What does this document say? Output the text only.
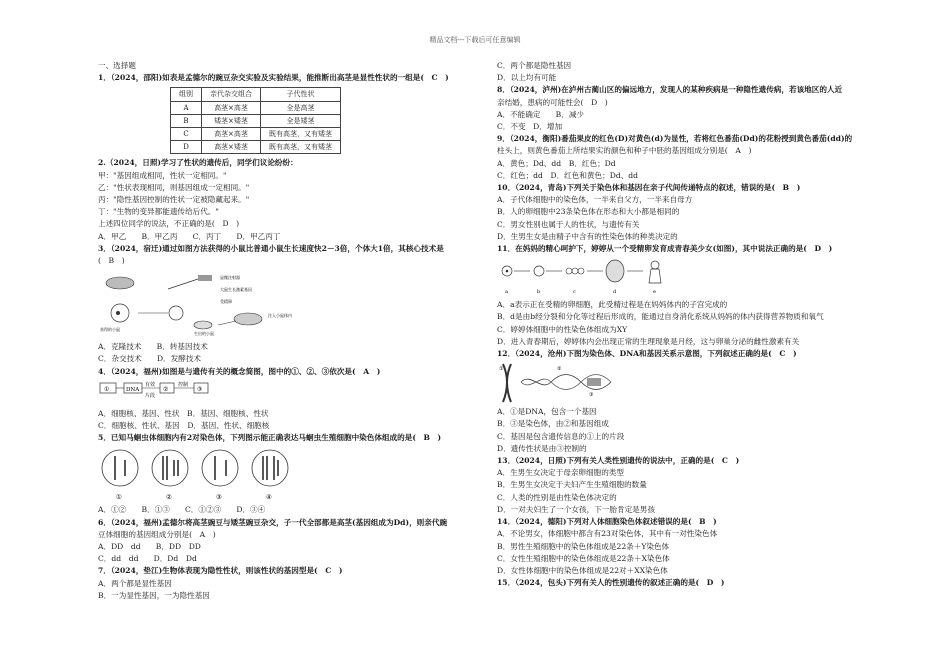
精品文档---下载后可任意编辑
一、选择题
1．（2024，邵阳)如表是孟德尔的豌豆杂交实验及实验结果，能推断出高茎是显性性状的一组是(　C　)
组别	亲代杂交组合	子代性状
A	高茎×高茎	全是高茎
B	矮茎×矮茎	全是矮茎
C	高茎×高茎	既有高茎，又有矮茎
D	高茎×矮茎	既有高茎，又有矮茎
2.（2024，日照)学习了性状的遗传后，同学们议论纷纷：
甲："基因组成相同，性状一定相同。"
乙："性状表现相同，则基因组成一定相同。"
丙："隐性基因控制的性状一定被隐藏起来。"
丁："生物的变异都能遗传给后代。"
上述四位同学的说法，不正确的是(　D　)
A．甲乙　　B．甲乙丙　　C．丙丁　　D．甲乙丙丁
3．（2024，宿迁)通过如图方法获得的小鼠比普通小鼠生长速度快2－3倍，个体大1倍，其核心技术是
(　B　)
显微注射器
大鼠生长激素基因
受精卵
获得的小鼠
注入小鼠体内
生出的小鼠
A．克隆技术　　B．转基因技术
C．杂交技术　　D．发酵技术
4．（2024，福州)如图是与遗传有关的概念简图，图中的①、②、③依次是(　A　)
①	DNA
有效
片段
②
控制
③
A．细胞核、基因、性状　B．基因、细胞核、性状
C．细胞核、性状、基因　D．基因、性状、细胞核
5．已知马蛔虫体细胞内有2对染色体，下列图示能正确表达马蛔虫生殖细胞中染色体组成的是(　B　)
①	②	③	④
A．①②　　B．①③　　C．①②③　　D．③④
6．（2024，福州)孟德尔将高茎豌豆与矮茎豌豆杂交，子一代全部都是高茎(基因组成为Dd)，则亲代豌
豆体细胞的基因组成分别是(　A　)
A．DD　dd　　B．DD　DD
C．dd　dd　　D．Dd　Dd
7．（2024，垫江)生物体表现为隐性性状，则该性状的基因型是(　C　)
A．两个都是显性基因
B．一为显性基因，一为隐性基因
C．两个都是隐性基因
D．以上均有可能
8．（2024，泸州)在泸州古蔺山区的偏远地方，发现人的某种疾病是一种隐性遗传病，若该地区的人近
亲结婚，患病的可能性会(　D　)
A．不能确定　　B．减少
C．不变　D．增加
9．（2024，衡阳)番茄果皮的红色(D)对黄色(d)为显性，若将红色番茄(Dd)的花粉授到黄色番茄(dd)的
柱头上，则黄色番茄上所结果实的颜色和种子中胚的基因组成分别是(　A　)
A．黄色；Dd、dd　B．红色；Dd
C．红色；dd　D．红色和黄色；Dd、dd
10．（2024，青岛)下列关于染色体和基因在亲子代间传递特点的叙述，错误的是(　B　)
A．子代体细胞中的染色体，一半来自父方，一半来自母方
B．人的卵细胞中23条染色体在形态和大小都是相同的
C．男女性别也属于人的性状，与遗传有关
D．生男生女是由精子中含有的性染色体的种类决定的
11．在妈妈的精心呵护下，婷婷从一个受精卵发育成青春美少女(如图)，其中说法正确的是(　D　)
a	b	c	d	e
A．a表示正在受精的卵细胞，此受精过程是在妈妈体内的子宫完成的
B．d是由b经分裂和分化等过程后形成的，能通过自身消化系统从妈妈的体内获得营养物质和氧气
C．婷婷体细胞中的性染色体组成为XY
D．进入青春期后，婷婷体内会出现正常的生理现象是月经，这与卵巢分泌的雌性激素有关
12．（2024，沧州)下图为染色体、DNA和基因关系示意图，下列叙述正确的是(　C　)
①	②
③
A．①是DNA，包含一个基因
B．③是染色体，由②和基因组成
C．基因是包含遗传信息的①上的片段
D．遗传性状是由③控制的
13．（2024，日照)下列有关人类性别遗传的说法中，正确的是(　C　)
A．生男生女决定于母亲卵细胞的类型
B．生男生女决定于夫妇产生生殖细胞的数量
C．人类的性别是由性染色体决定的
D．一对夫妇生了一个女孩，下一胎肯定是男孩
14．（2024，德阳)下列对人体细胞染色体叙述错误的是(　B　)
A．不论男女，体细胞中都含有23对染色体，其中有一对性染色体
B．男性生殖细胞中的染色体组成是22条＋Y染色体
C．女性生殖细胞中的染色体组成是22条＋X染色体
D．女性体细胞中的染色体组成是22对＋XX染色体
15．（2024，包头)下列有关人的性别遗传的叙述正确的是(　D　)
